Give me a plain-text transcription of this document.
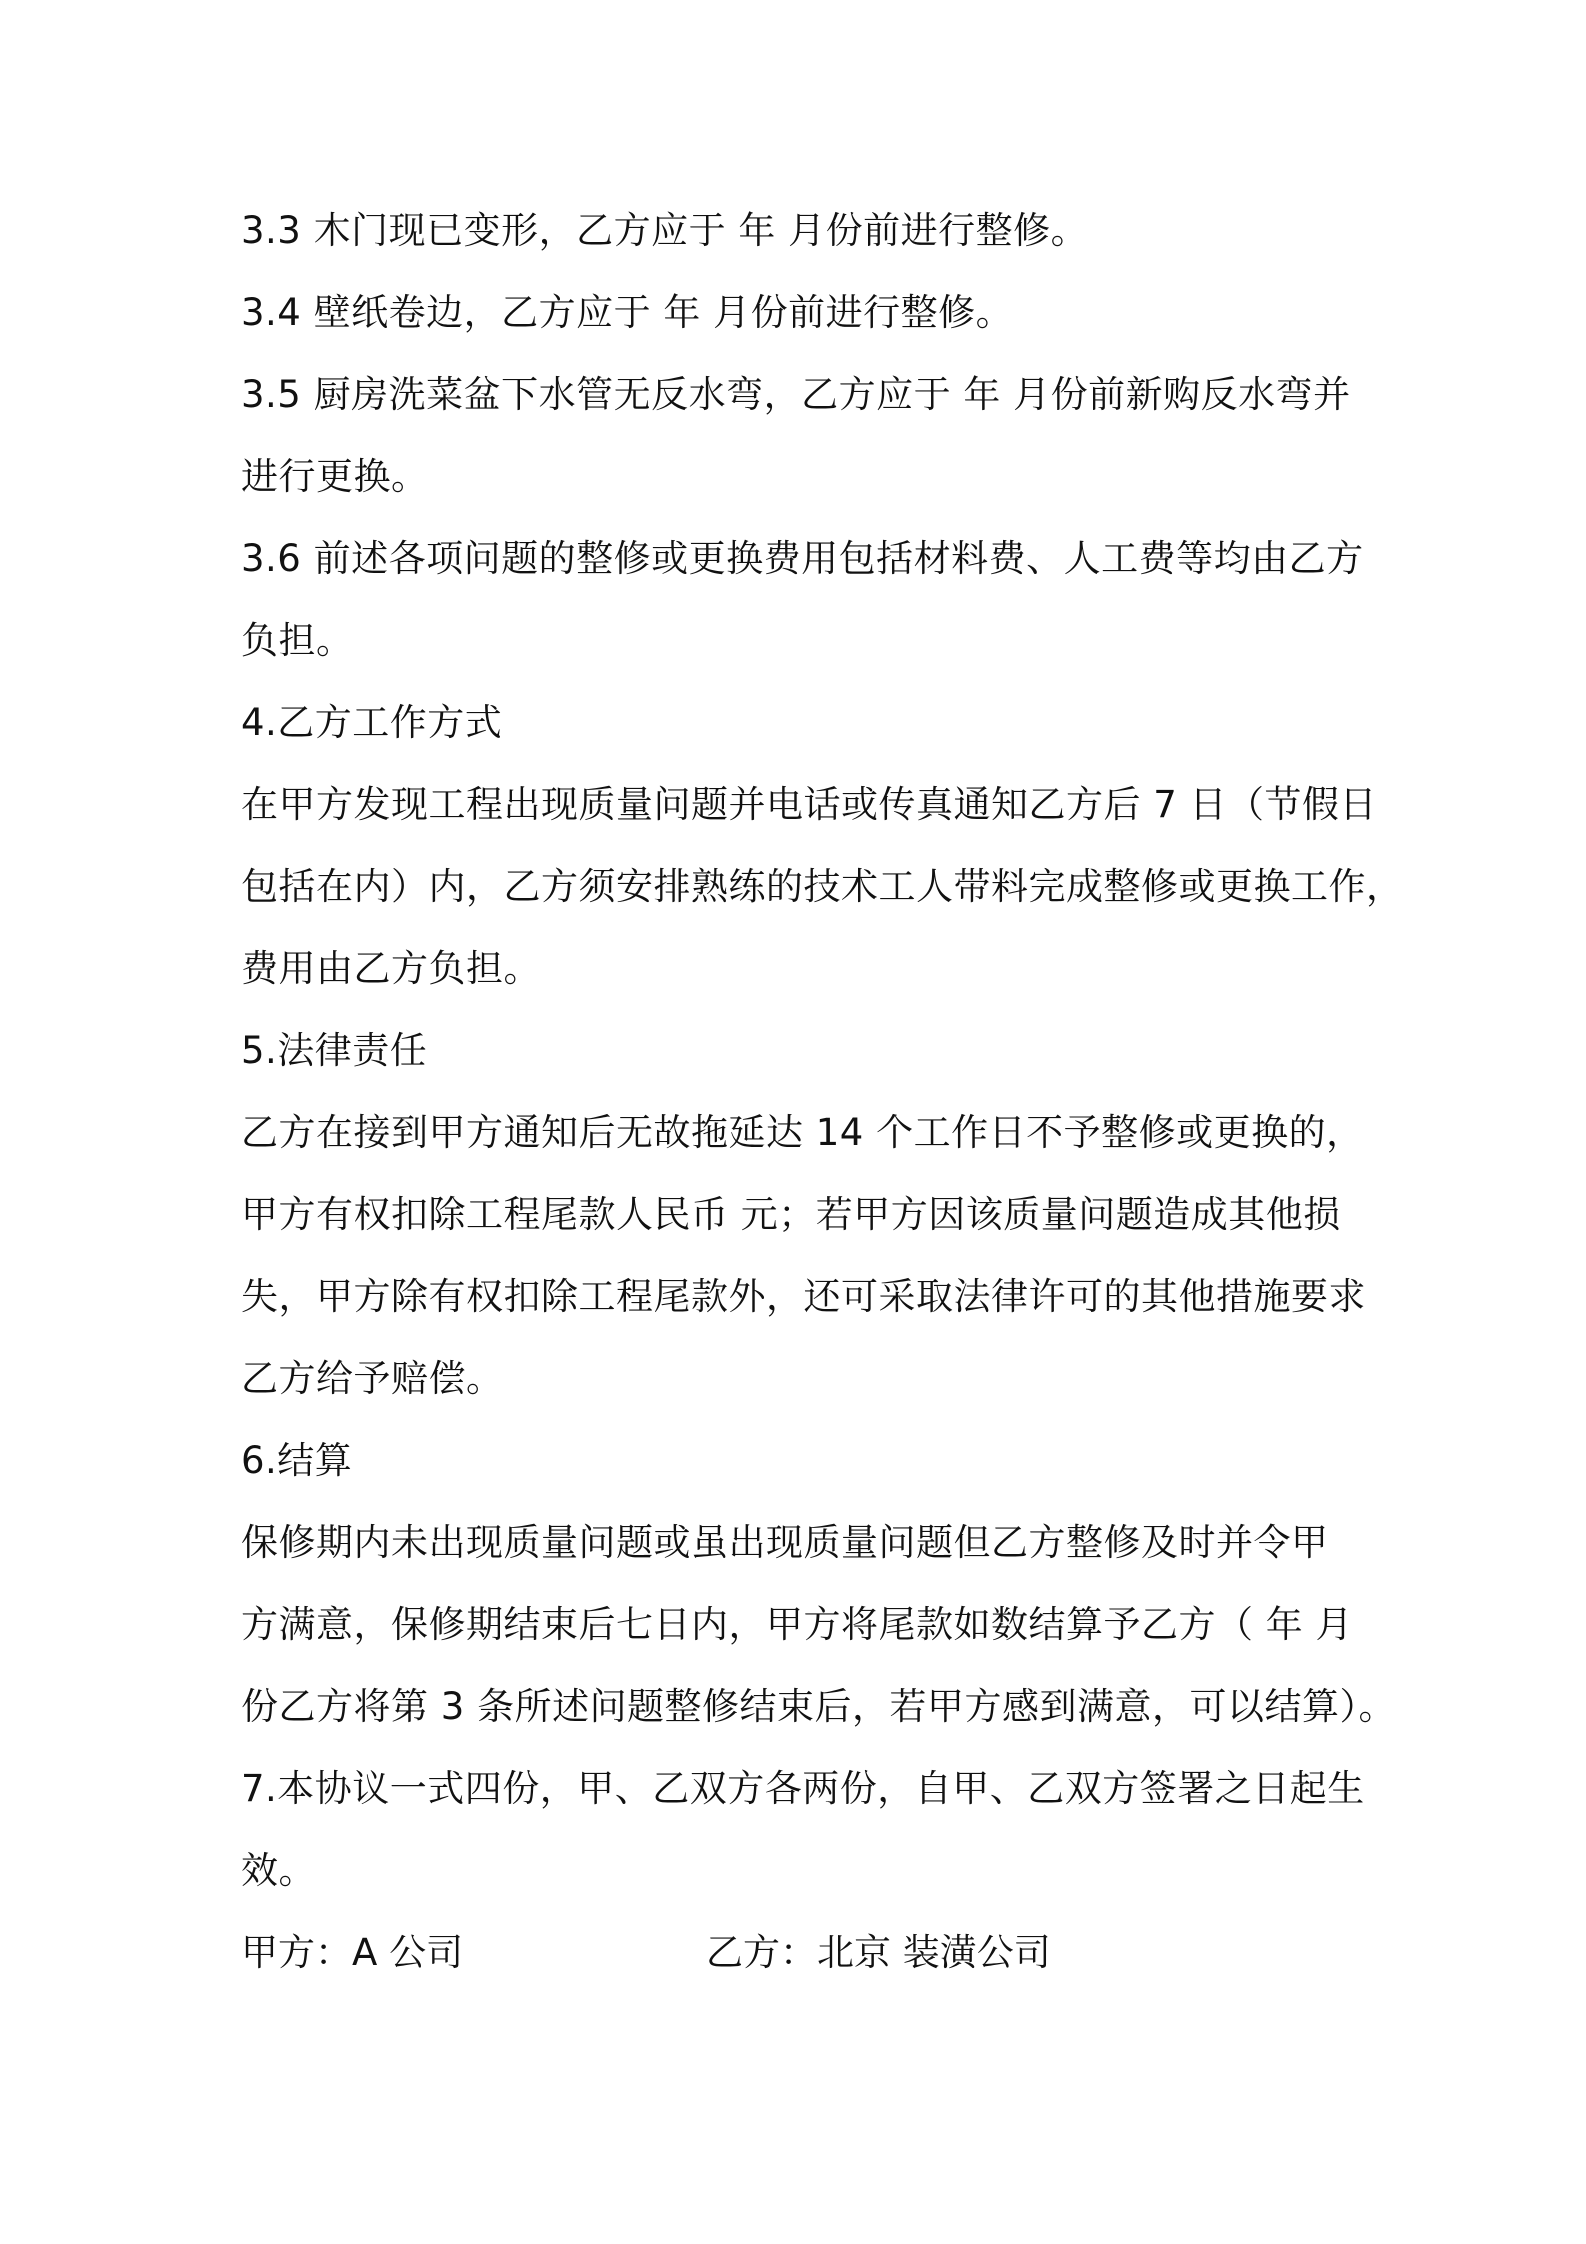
3.3 木门现已变形，乙方应于 年 月份前进行整修。
3.4 壁纸卷边，乙方应于 年 月份前进行整修。
3.5 厨房洗菜盆下水管无反水弯，乙方应于 年 月份前新购反水弯并
进行更换。
3.6 前述各项问题的整修或更换费用包括材料费、人工费等均由乙方
负担。
4.乙方工作方式
在甲方发现工程出现质量问题并电话或传真通知乙方后 7 日（节假日
包括在内）内，乙方须安排熟练的技术工人带料完成整修或更换工作，
费用由乙方负担。
5.法律责任
乙方在接到甲方通知后无故拖延达 14 个工作日不予整修或更换的，
甲方有权扣除工程尾款人民币 元；若甲方因该质量问题造成其他损
失，甲方除有权扣除工程尾款外，还可采取法律许可的其他措施要求
乙方给予赔偿。
6.结算
保修期内未出现质量问题或虽出现质量问题但乙方整修及时并令甲
方满意，保修期结束后七日内，甲方将尾款如数结算予乙方（ 年 月
份乙方将第 3 条所述问题整修结束后，若甲方感到满意，可以结算）。
7.本协议一式四份，甲、乙双方各两份，自甲、乙双方签署之日起生
效。
甲方：A 公司	乙方：北京 装潢公司
